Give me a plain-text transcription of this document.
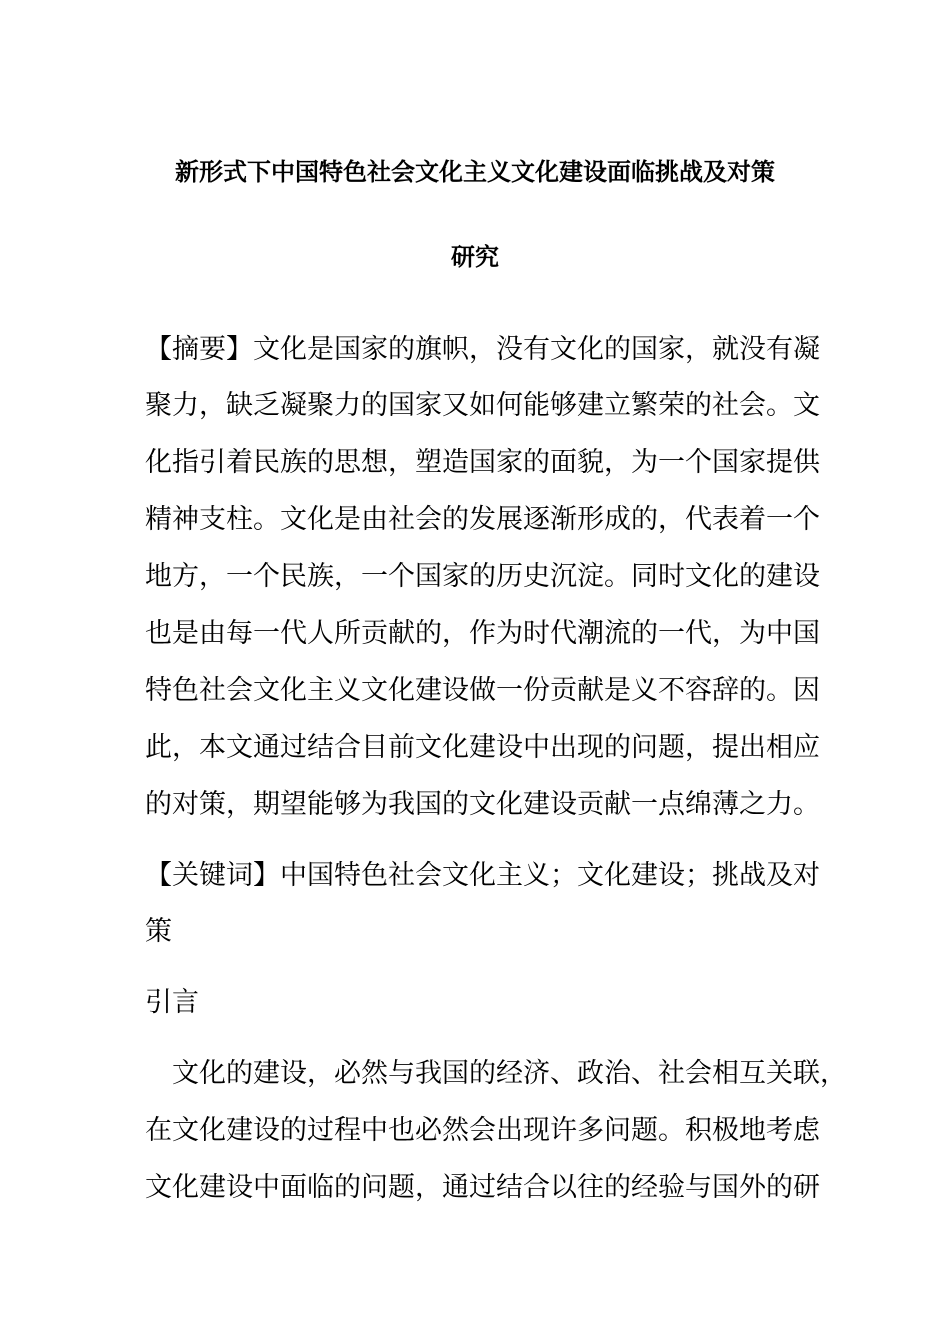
新形式下中国特色社会文化主义文化建设面临挑战及对策
研究
【摘要】文化是国家的旗帜，没有文化的国家，就没有凝
聚力，缺乏凝聚力的国家又如何能够建立繁荣的社会。文
化指引着民族的思想，塑造国家的面貌，为一个国家提供
精神支柱。文化是由社会的发展逐渐形成的，代表着一个
地方，一个民族，一个国家的历史沉淀。同时文化的建设
也是由每一代人所贡献的，作为时代潮流的一代，为中国
特色社会文化主义文化建设做一份贡献是义不容辞的。因
此，本文通过结合目前文化建设中出现的问题，提出相应
的对策，期望能够为我国的文化建设贡献一点绵薄之力。
【关键词】中国特色社会文化主义；文化建设；挑战及对
策
引言
　文化的建设，必然与我国的经济、政治、社会相互关联，
在文化建设的过程中也必然会出现许多问题。积极地考虑
文化建设中面临的问题，通过结合以往的经验与国外的研
